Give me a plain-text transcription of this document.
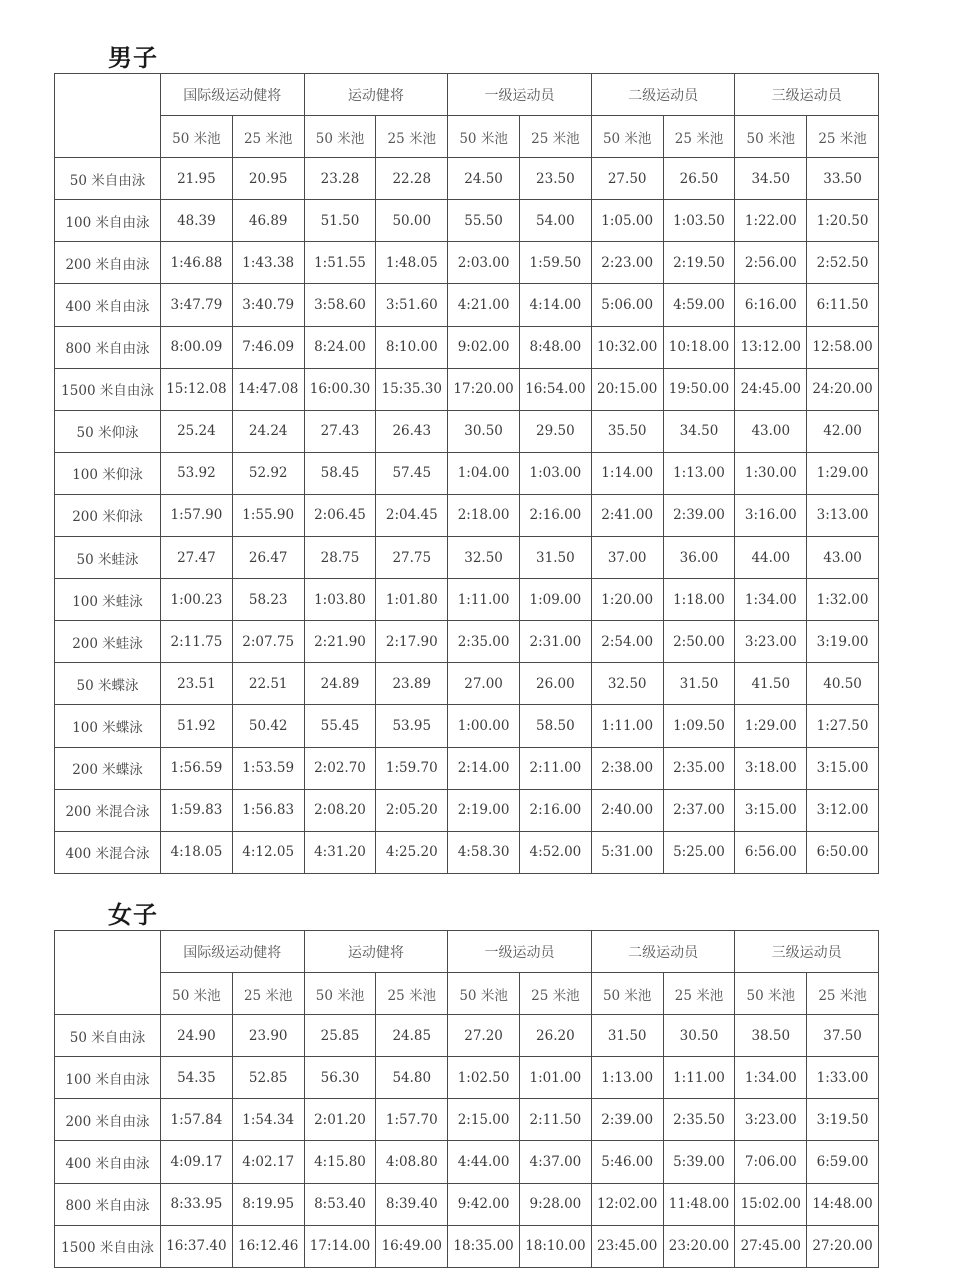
男子
	国际级运动健将		运动健将		一级运动员		二级运动员		三级运动员	
	50 米池	25 米池	50 米池	25 米池	50 米池	25 米池	50 米池	25 米池	50 米池	25 米池
50 米自由泳	21.95	20.95	23.28	22.28	24.50	23.50	27.50	26.50	34.50	33.50
100 米自由泳	48.39	46.89	51.50	50.00	55.50	54.00	1:05.00	1:03.50	1:22.00	1:20.50
200 米自由泳	1:46.88	1:43.38	1:51.55	1:48.05	2:03.00	1:59.50	2:23.00	2:19.50	2:56.00	2:52.50
400 米自由泳	3:47.79	3:40.79	3:58.60	3:51.60	4:21.00	4:14.00	5:06.00	4:59.00	6:16.00	6:11.50
800 米自由泳	8:00.09	7:46.09	8:24.00	8:10.00	9:02.00	8:48.00	10:32.00	10:18.00	13:12.00	12:58.00
1500 米自由泳	15:12.08	14:47.08	16:00.30	15:35.30	17:20.00	16:54.00	20:15.00	19:50.00	24:45.00	24:20.00
50 米仰泳	25.24	24.24	27.43	26.43	30.50	29.50	35.50	34.50	43.00	42.00
100 米仰泳	53.92	52.92	58.45	57.45	1:04.00	1:03.00	1:14.00	1:13.00	1:30.00	1:29.00
200 米仰泳	1:57.90	1:55.90	2:06.45	2:04.45	2:18.00	2:16.00	2:41.00	2:39.00	3:16.00	3:13.00
50 米蛙泳	27.47	26.47	28.75	27.75	32.50	31.50	37.00	36.00	44.00	43.00
100 米蛙泳	1:00.23	58.23	1:03.80	1:01.80	1:11.00	1:09.00	1:20.00	1:18.00	1:34.00	1:32.00
200 米蛙泳	2:11.75	2:07.75	2:21.90	2:17.90	2:35.00	2:31.00	2:54.00	2:50.00	3:23.00	3:19.00
50 米蝶泳	23.51	22.51	24.89	23.89	27.00	26.00	32.50	31.50	41.50	40.50
100 米蝶泳	51.92	50.42	55.45	53.95	1:00.00	58.50	1:11.00	1:09.50	1:29.00	1:27.50
200 米蝶泳	1:56.59	1:53.59	2:02.70	1:59.70	2:14.00	2:11.00	2:38.00	2:35.00	3:18.00	3:15.00
200 米混合泳	1:59.83	1:56.83	2:08.20	2:05.20	2:19.00	2:16.00	2:40.00	2:37.00	3:15.00	3:12.00
400 米混合泳	4:18.05	4:12.05	4:31.20	4:25.20	4:58.30	4:52.00	5:31.00	5:25.00	6:56.00	6:50.00
女子
	国际级运动健将		运动健将		一级运动员		二级运动员		三级运动员	
	50 米池	25 米池	50 米池	25 米池	50 米池	25 米池	50 米池	25 米池	50 米池	25 米池
50 米自由泳	24.90	23.90	25.85	24.85	27.20	26.20	31.50	30.50	38.50	37.50
100 米自由泳	54.35	52.85	56.30	54.80	1:02.50	1:01.00	1:13.00	1:11.00	1:34.00	1:33.00
200 米自由泳	1:57.84	1:54.34	2:01.20	1:57.70	2:15.00	2:11.50	2:39.00	2:35.50	3:23.00	3:19.50
400 米自由泳	4:09.17	4:02.17	4:15.80	4:08.80	4:44.00	4:37.00	5:46.00	5:39.00	7:06.00	6:59.00
800 米自由泳	8:33.95	8:19.95	8:53.40	8:39.40	9:42.00	9:28.00	12:02.00	11:48.00	15:02.00	14:48.00
1500 米自由泳	16:37.40	16:12.46	17:14.00	16:49.00	18:35.00	18:10.00	23:45.00	23:20.00	27:45.00	27:20.00
